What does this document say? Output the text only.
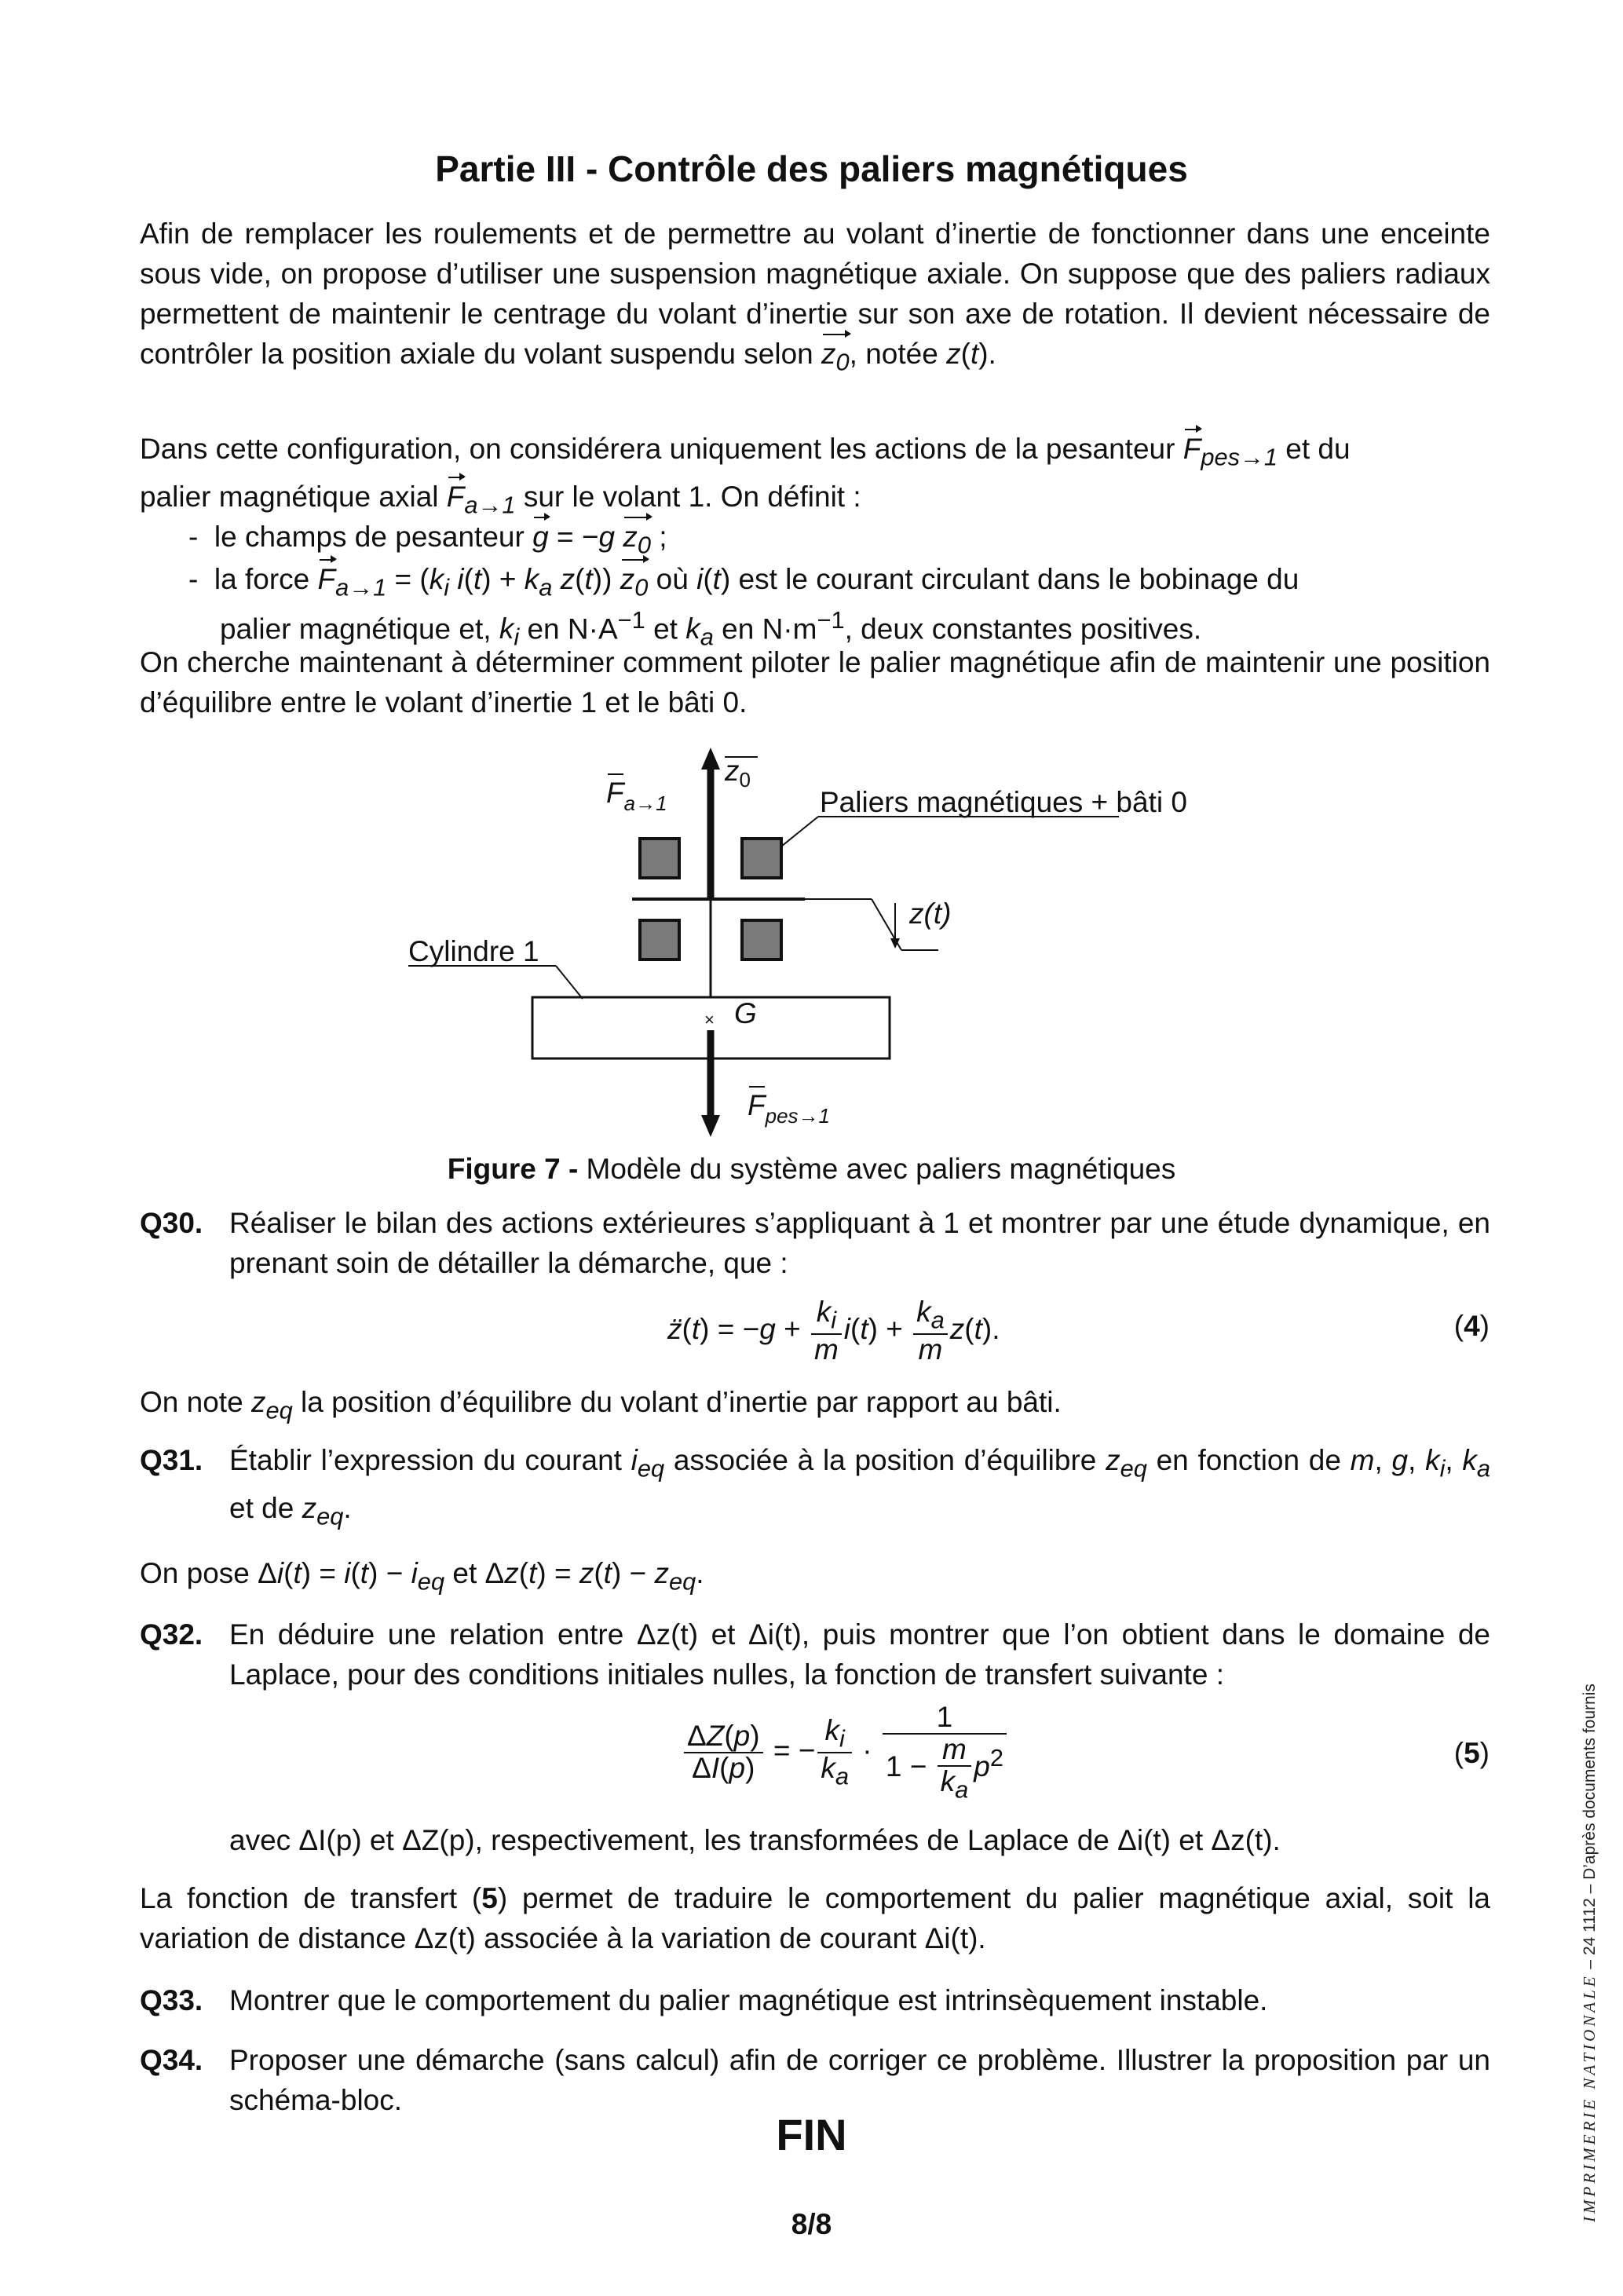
Partie III - Contrôle des paliers magnétiques

Afin de remplacer les roulements et de permettre au volant d’inertie de fonctionner dans une enceinte sous vide, on propose d’utiliser une suspension magnétique axiale. On suppose que des paliers radiaux permettent de maintenir le centrage du volant d’inertie sur son axe de rotation. Il devient nécessaire de contrôler la position axiale du volant suspendu selon $z_0$, notée z(t).

Dans cette configuration, on considérera uniquement les actions de la pesanteur $F_{pes\to 1}$ et du
palier magnétique axial $F_{a\to 1}$ sur le volant 1. On définit :

-  le champs de pesanteur g = −g $z_0$ ;

-  la force $F_{a\to 1} = (k_i$ $i(t) + k_a$ z(t)) $z_0$ où i(t) est le courant circulant dans le bobinage du

palier magnétique et, $k_i$ en $N\cdot A^{-1}$ et $k_a$ en $N\cdot m^{-1}$, deux constantes positives.

On cherche maintenant à déterminer comment piloter le palier magnétique afin de maintenir une position d’équilibre entre le volant d’inertie 1 et le bâti 0.

×
$F_{a\to 1}$
$z_0$
Paliers magnétiques + bâti 0
z(t)
Cylindre 1
G
$F_{pes\to 1}$
Figure 7 - Modèle du système avec paliers magnétiques
Q30. Réaliser le bilan des actions extérieures s’appliquant à 1 et montrer par une étude dynamique, en prenant soin de détailler la démarche, que :
z̈(t) = $-g + \frac{k_i}{m} i(t) + \frac{k_a}{m} z(t)$.	(4)

On note $z_{eq}$ la position d’équilibre du volant d’inertie par rapport au bâti.

Q31. Établir l’expression du courant $i_{eq}$ associée à la position d’équilibre $z_{eq}$ en fonction de m, g, $k_i$, $k_a$ et de $z_{eq}$.

On pose $\Delta i(t) = i(t) - i_{eq}$ et $\Delta z(t) = z(t) - z_{eq}$.

Q32. En déduire une relation entre Δz(t) et Δi(t), puis montrer que l’on obtient dans le domaine de Laplace, pour des conditions initiales nulles, la fonction de transfert suivante :
$\frac{\Delta Z(p)}{\Delta I(p)}$ = − $\frac{k_i}{k_a} \cdot \frac{1}{1 - \frac{m}{k_a} p^2}$	(5)

avec ΔI(p) et ΔZ(p), respectivement, les transformées de Laplace de Δi(t) et Δz(t).

La fonction de transfert (5) permet de traduire le comportement du palier magnétique axial, soit la variation de distance Δz(t) associée à la variation de courant Δi(t).

Q33. Montrer que le comportement du palier magnétique est intrinsèquement instable.
Q34. Proposer une démarche (sans calcul) afin de corriger ce problème. Illustrer la proposition par un schéma-bloc.
FIN
8/8
IMPRIMERIE NATIONALE – 24 1112 – D’après documents fournis
